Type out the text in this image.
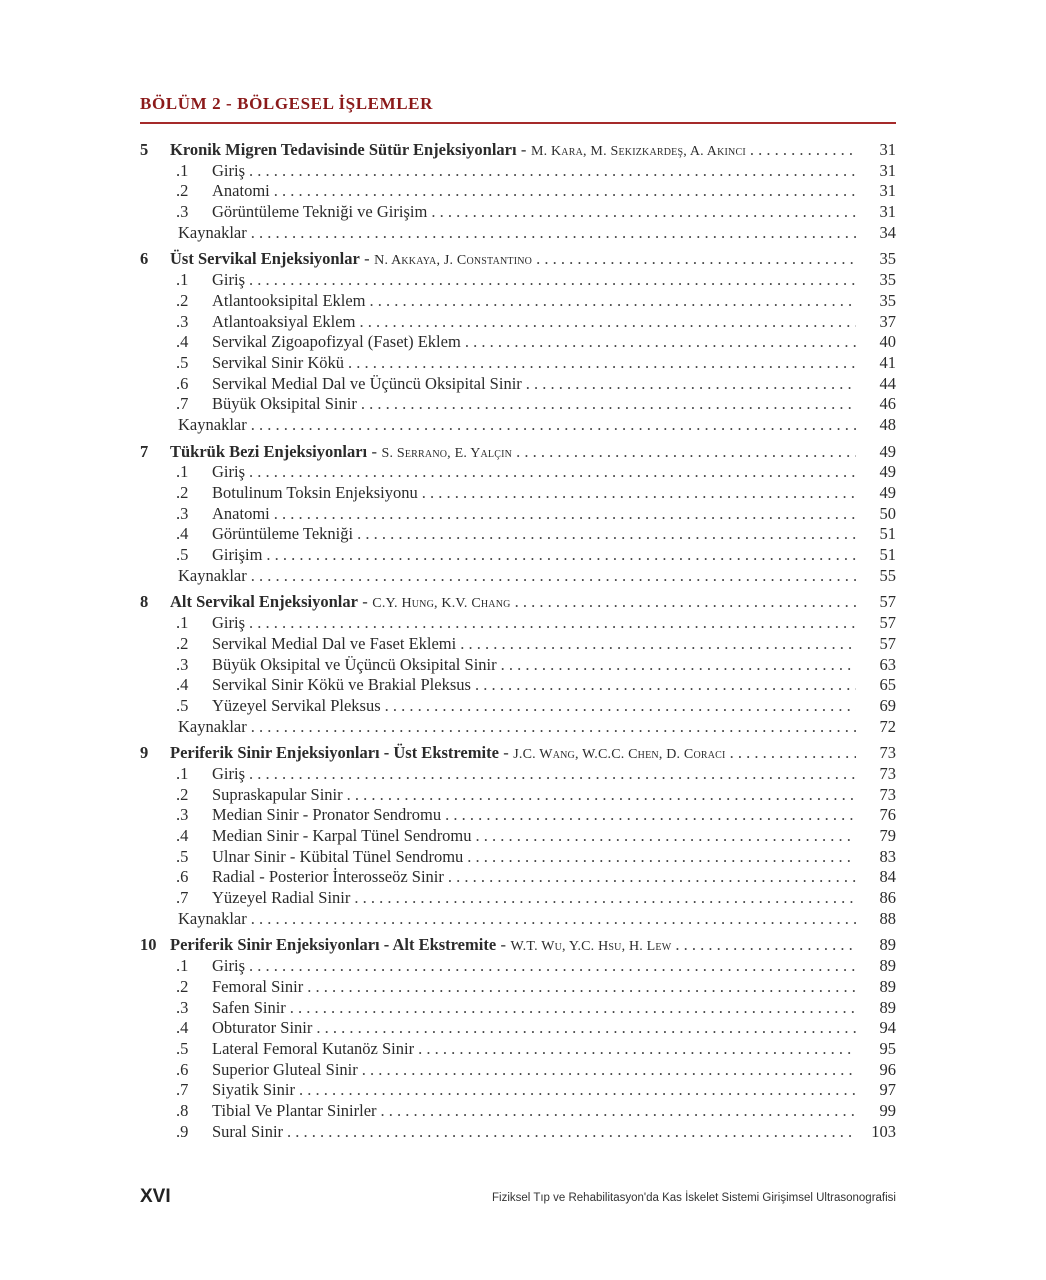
BÖLÜM 2 - BÖLGESEL İŞLEMLER
5	Kronik Migren Tedavisinde Sütür Enjeksiyonları - M. Kara, M. Sekizkardeş, A. Akıncı . . .	31
.1	Giriş . . .	31
.2	Anatomi . . .	31
.3	Görüntüleme Tekniği ve Girişim . . .	31
Kaynaklar . . .	34
6	Üst Servikal Enjeksiyonlar - N. Akkaya, J. Constantino . . .	35
.1	Giriş . . .	35
.2	Atlantooksipital Eklem . . .	35
.3	Atlantoaksiyal Eklem . . .	37
.4	Servikal Zigoapofizyal (Faset) Eklem . . .	40
.5	Servikal Sinir Kökü . . .	41
.6	Servikal Medial Dal ve Üçüncü Oksipital Sinir . . .	44
.7	Büyük Oksipital Sinir . . .	46
Kaynaklar . . .	48
7	Tükrük Bezi Enjeksiyonları - S. Serrano, E. Yalçın . . .	49
.1	Giriş . . .	49
.2	Botulinum Toksin Enjeksiyonu . . .	49
.3	Anatomi . . .	50
.4	Görüntüleme Tekniği . . .	51
.5	Girişim . . .	51
Kaynaklar . . .	55
8	Alt Servikal Enjeksiyonlar - C.Y. Hung, K.V. Chang . . .	57
.1	Giriş . . .	57
.2	Servikal Medial Dal ve Faset Eklemi . . .	57
.3	Büyük Oksipital ve Üçüncü Oksipital Sinir . . .	63
.4	Servikal Sinir Kökü ve Brakial Pleksus . . .	65
.5	Yüzeyel Servikal Pleksus . . .	69
Kaynaklar . . .	72
9	Periferik Sinir Enjeksiyonları - Üst Ekstremite - J.C. Wang, W.C.C. Chen, D. Coraci . . .	73
.1	Giriş . . .	73
.2	Supraskapular Sinir . . .	73
.3	Median Sinir - Pronator Sendromu . . .	76
.4	Median Sinir - Karpal Tünel Sendromu . . .	79
.5	Ulnar Sinir - Kübital Tünel Sendromu . . .	83
.6	Radial - Posterior İnterosseöz Sinir . . .	84
.7	Yüzeyel Radial Sinir . . .	86
Kaynaklar . . .	88
10 Periferik Sinir Enjeksiyonları - Alt Ekstremite - W.T. Wu, Y.C. Hsu, H. Lew . . .	89
.1	Giriş . . .	89
.2	Femoral Sinir . . .	89
.3	Safen Sinir . . .	89
.4	Obturator Sinir . . .	94
.5	Lateral Femoral Kutanöz Sinir . . .	95
.6	Superior Gluteal Sinir . . .	96
.7	Siyatik Sinir . . .	97
.8	Tibial Ve Plantar Sinirler . . .	99
.9	Sural Sinir . . .	103
XVI	Fiziksel Tıp ve Rehabilitasyon'da Kas İskelet Sistemi Girişimsel Ultrasonografisi
